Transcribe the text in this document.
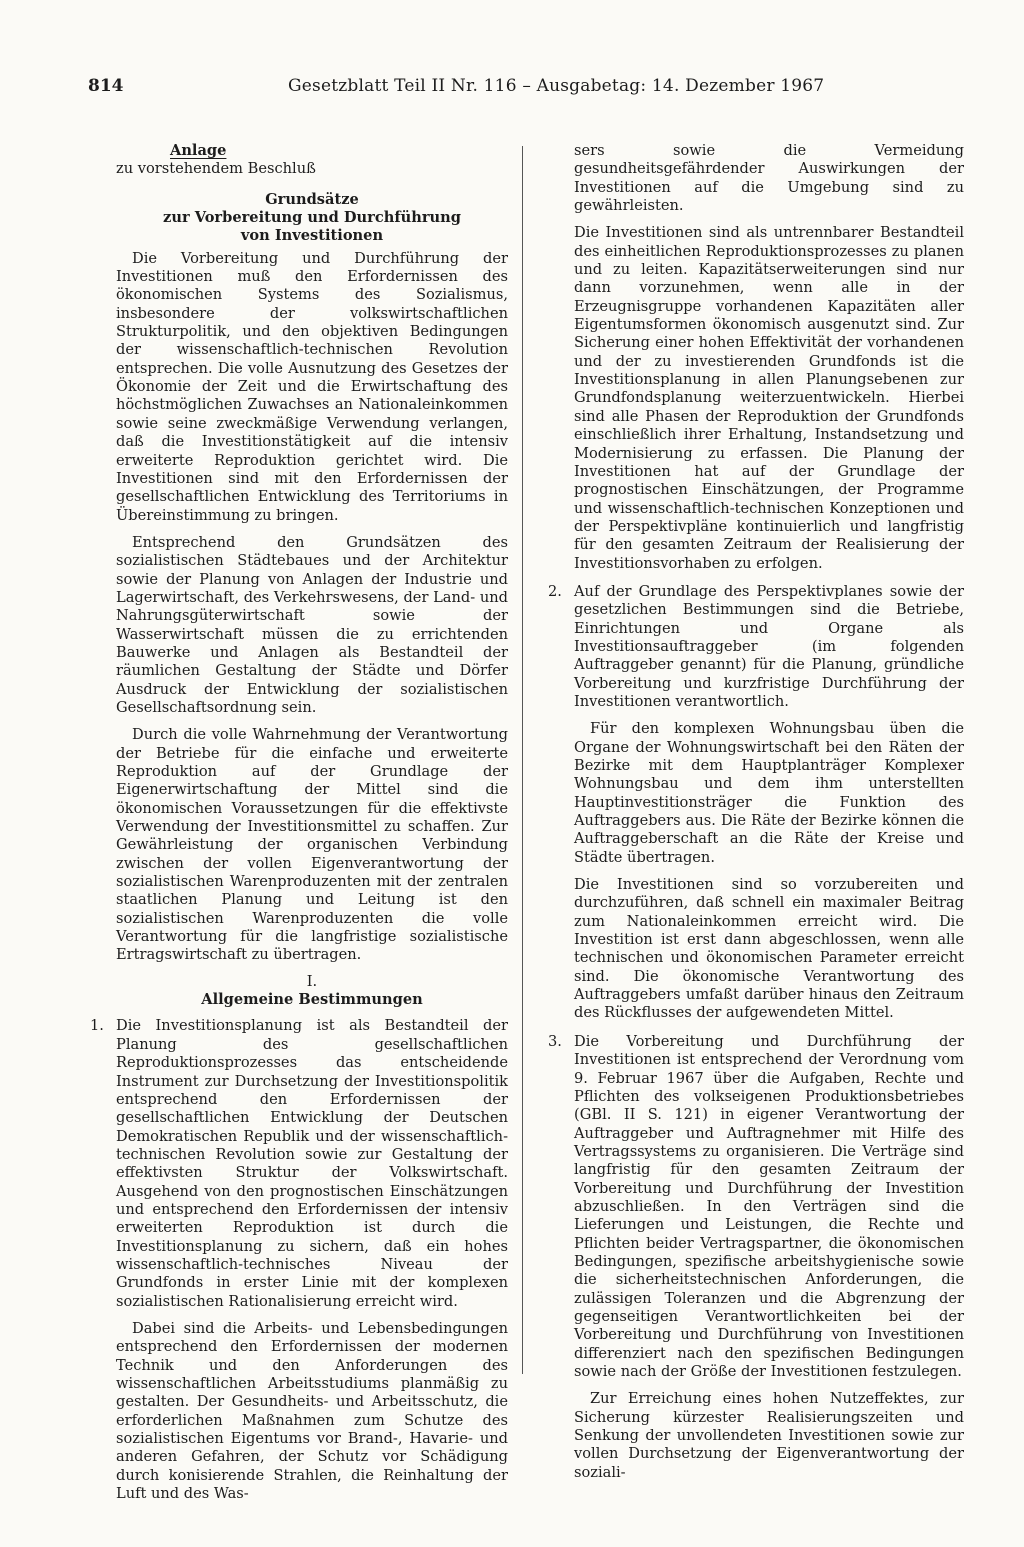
814	Gesetzblatt Teil II Nr. 116 – Ausgabetag: 14. Dezember 1967
Anlage
zu vorstehendem Beschluß
Grundsätze
zur Vorbereitung und Durchführung
von Investitionen

Die Vorbereitung und Durchführung der Investitionen muß den Erfordernissen des ökonomischen Systems des Sozialismus, insbesondere der volkswirtschaftlichen Strukturpolitik, und den objektiven Bedingungen der wissenschaftlich-technischen Revolution entsprechen. Die volle Ausnutzung des Gesetzes der Ökonomie der Zeit und die Erwirtschaftung des höchstmöglichen Zuwachses an Nationaleinkommen sowie seine zweckmäßige Verwendung verlangen, daß die Investitionstätigkeit auf die intensiv erweiterte Reproduktion gerichtet wird. Die Investitionen sind mit den Erfordernissen der gesellschaftlichen Entwicklung des Territoriums in Übereinstimmung zu bringen.

Entsprechend den Grundsätzen des sozialistischen Städtebaues und der Architektur sowie der Planung von Anlagen der Industrie und Lagerwirtschaft, des Verkehrswesens, der Land- und Nahrungsgüterwirtschaft sowie der Wasserwirtschaft müssen die zu errichtenden Bauwerke und Anlagen als Bestandteil der räumlichen Gestaltung der Städte und Dörfer Ausdruck der Entwicklung der sozialistischen Gesellschaftsordnung sein.

Durch die volle Wahrnehmung der Verantwortung der Betriebe für die einfache und erweiterte Reproduktion auf der Grundlage der Eigenerwirtschaftung der Mittel sind die ökonomischen Voraussetzungen für die effektivste Verwendung der Investitionsmittel zu schaffen. Zur Gewährleistung der organischen Verbindung zwischen der vollen Eigenverantwortung der sozialistischen Warenproduzenten mit der zentralen staatlichen Planung und Leitung ist den sozialistischen Warenproduzenten die volle Verantwortung für die langfristige sozialistische Ertragswirtschaft zu übertragen.

I.
Allgemeine Bestimmungen
1. Die Investitionsplanung ist als Bestandteil der Planung des gesellschaftlichen Reproduktionsprozesses das entscheidende Instrument zur Durchsetzung der Investitionspolitik entsprechend den Erfordernissen der gesellschaftlichen Entwicklung der Deutschen Demokratischen Republik und der wissenschaftlich-technischen Revolution sowie zur Gestaltung der effektivsten Struktur der Volkswirtschaft. Ausgehend von den prognostischen Einschätzungen und entsprechend den Erfordernissen der intensiv erweiterten Reproduktion ist durch die Investitionsplanung zu sichern, daß ein hohes wissenschaftlich-technisches Niveau der Grundfonds in erster Linie mit der komplexen sozialistischen Rationalisierung erreicht wird.

Dabei sind die Arbeits- und Lebensbedingungen entsprechend den Erfordernissen der modernen Technik und den Anforderungen des wissenschaftlichen Arbeitsstudiums planmäßig zu gestalten. Der Gesundheits- und Arbeitsschutz, die erforderlichen Maßnahmen zum Schutze des sozialistischen Eigentums vor Brand-, Havarie- und anderen Gefahren, der Schutz vor Schädigung durch konisierende Strahlen, die Reinhaltung der Luft und des Was-

sers sowie die Vermeidung gesundheitsgefährdender Auswirkungen der Investitionen auf die Umgebung sind zu gewährleisten.

Die Investitionen sind als untrennbarer Bestandteil des einheitlichen Reproduktionsprozesses zu planen und zu leiten. Kapazitätserweiterungen sind nur dann vorzunehmen, wenn alle in der Erzeugnisgruppe vorhandenen Kapazitäten aller Eigentumsformen ökonomisch ausgenutzt sind. Zur Sicherung einer hohen Effektivität der vorhandenen und der zu investierenden Grundfonds ist die Investitionsplanung in allen Planungsebenen zur Grundfondsplanung weiterzuentwickeln. Hierbei sind alle Phasen der Reproduktion der Grundfonds einschließlich ihrer Erhaltung, Instandsetzung und Modernisierung zu erfassen. Die Planung der Investitionen hat auf der Grundlage der prognostischen Einschätzungen, der Programme und wissenschaftlich-technischen Konzeptionen und der Perspektivpläne kontinuierlich und langfristig für den gesamten Zeitraum der Realisierung der Investitionsvorhaben zu erfolgen.

2. Auf der Grundlage des Perspektivplanes sowie der gesetzlichen Bestimmungen sind die Betriebe, Einrichtungen und Organe als Investitionsauftraggeber (im folgenden Auftraggeber genannt) für die Planung, gründliche Vorbereitung und kurzfristige Durchführung der Investitionen verantwortlich.

Für den komplexen Wohnungsbau üben die Organe der Wohnungswirtschaft bei den Räten der Bezirke mit dem Hauptplanträger Komplexer Wohnungsbau und dem ihm unterstellten Hauptinvestitionsträger die Funktion des Auftraggebers aus. Die Räte der Bezirke können die Auftraggeberschaft an die Räte der Kreise und Städte übertragen.

Die Investitionen sind so vorzubereiten und durchzuführen, daß schnell ein maximaler Beitrag zum Nationaleinkommen erreicht wird. Die Investition ist erst dann abgeschlossen, wenn alle technischen und ökonomischen Parameter erreicht sind. Die ökonomische Verantwortung des Auftraggebers umfaßt darüber hinaus den Zeitraum des Rückflusses der aufgewendeten Mittel.

3. Die Vorbereitung und Durchführung der Investitionen ist entsprechend der Verordnung vom 9. Februar 1967 über die Aufgaben, Rechte und Pflichten des volkseigenen Produktionsbetriebes (GBl. II S. 121) in eigener Verantwortung der Auftraggeber und Auftragnehmer mit Hilfe des Vertragssystems zu organisieren. Die Verträge sind langfristig für den gesamten Zeitraum der Vorbereitung und Durchführung der Investition abzuschließen. In den Verträgen sind die Lieferungen und Leistungen, die Rechte und Pflichten beider Vertragspartner, die ökonomischen Bedingungen, spezifische arbeitshygienische sowie die sicherheitstechnischen Anforderungen, die zulässigen Toleranzen und die Abgrenzung der gegenseitigen Verantwortlichkeiten bei der Vorbereitung und Durchführung von Investitionen differenziert nach den spezifischen Bedingungen sowie nach der Größe der Investitionen festzulegen.

Zur Erreichung eines hohen Nutzeffektes, zur Sicherung kürzester Realisierungszeiten und Senkung der unvollendeten Investitionen sowie zur vollen Durchsetzung der Eigenverantwortung der soziali-
